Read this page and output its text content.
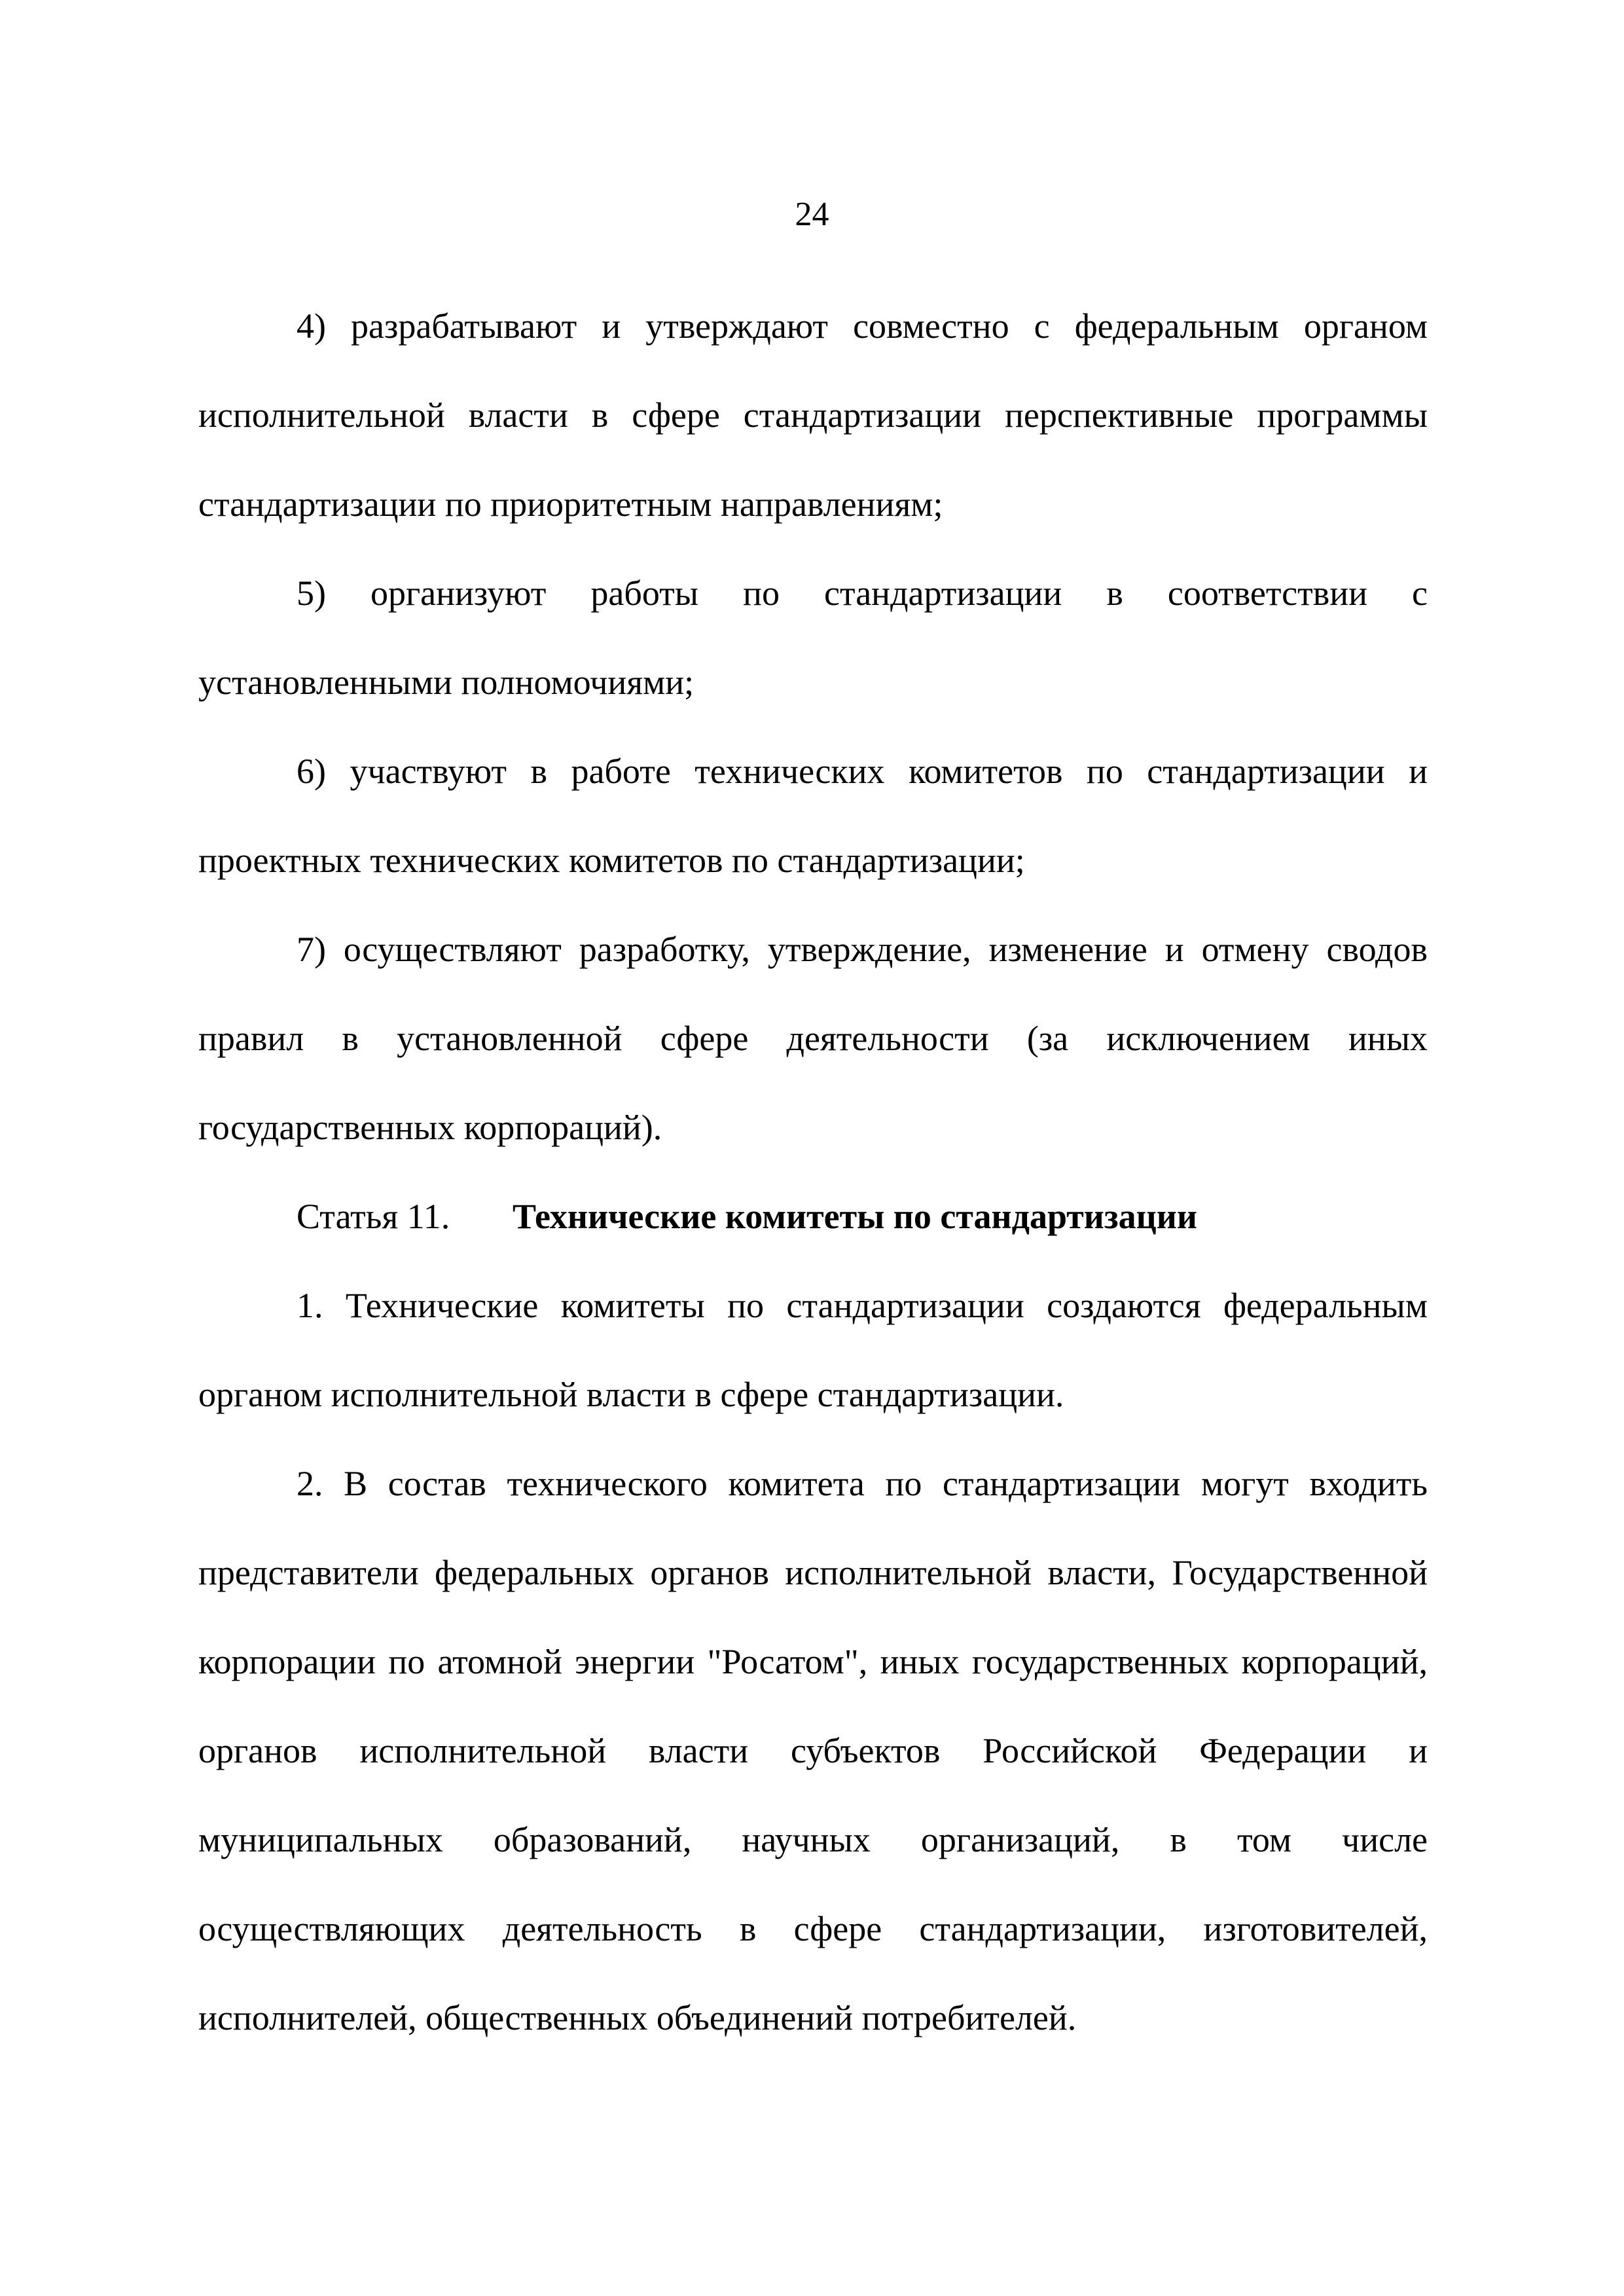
24

4) разрабатывают и утверждают совместно с федеральным органом исполнительной власти в сфере стандартизации перспективные программы стандартизации по приоритетным направлениям;

5) организуют работы по стандартизации в соответствии с установленными полномочиями;

6) участвуют в работе технических комитетов по стандартизации и проектных технических комитетов по стандартизации;

7) осуществляют разработку, утверждение, изменение и отмену сводов правил в установленной сфере деятельности (за исключением иных государственных корпораций).

Статья 11. Технические комитеты по стандартизации

1. Технические комитеты по стандартизации создаются федеральным органом исполнительной власти в сфере стандартизации.

2. В состав технического комитета по стандартизации могут входить представители федеральных органов исполнительной власти, Государственной корпорации по атомной энергии "Росатом", иных государственных корпораций, органов исполнительной власти субъектов Российской Федерации и муниципальных образований, научных организаций, в том числе осуществляющих деятельность в сфере стандартизации, изготовителей, исполнителей, общественных объединений потребителей.
